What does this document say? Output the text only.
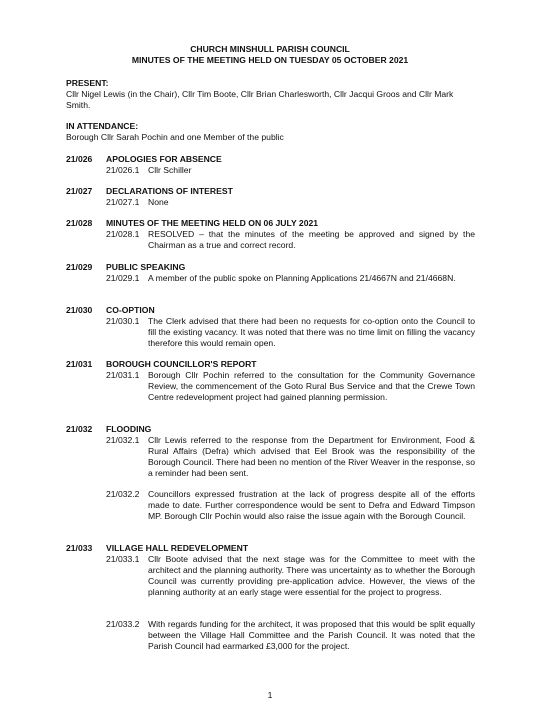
CHURCH MINSHULL PARISH COUNCIL
MINUTES OF THE MEETING HELD ON TUESDAY 05 OCTOBER 2021
PRESENT:
Cllr Nigel Lewis (in the Chair), Cllr Tim Boote, Cllr Brian Charlesworth, Cllr Jacqui Groos and Cllr Mark Smith.
IN ATTENDANCE:
Borough Cllr Sarah Pochin and one Member of the public
21/026 APOLOGIES FOR ABSENCE
21/026.1 Cllr Schiller
21/027 DECLARATIONS OF INTEREST
21/027.1 None
21/028 MINUTES OF THE MEETING HELD ON 06 JULY 2021
21/028.1 RESOLVED – that the minutes of the meeting be approved and signed by the Chairman as a true and correct record.
21/029 PUBLIC SPEAKING
21/029.1 A member of the public spoke on Planning Applications 21/4667N and 21/4668N.
21/030 CO-OPTION
21/030.1 The Clerk advised that there had been no requests for co-option onto the Council to fill the existing vacancy. It was noted that there was no time limit on filling the vacancy therefore this would remain open.
21/031 BOROUGH COUNCILLOR'S REPORT
21/031.1 Borough Cllr Pochin referred to the consultation for the Community Governance Review, the commencement of the Goto Rural Bus Service and that the Crewe Town Centre redevelopment project had gained planning permission.
21/032 FLOODING
21/032.1 Cllr Lewis referred to the response from the Department for Environment, Food & Rural Affairs (Defra) which advised that Eel Brook was the responsibility of the Borough Council. There had been no mention of the River Weaver in the response, so a reminder had been sent.
21/032.2 Councillors expressed frustration at the lack of progress despite all of the efforts made to date. Further correspondence would be sent to Defra and Edward Timpson MP. Borough Cllr Pochin would also raise the issue again with the Borough Council.
21/033 VILLAGE HALL REDEVELOPMENT
21/033.1 Cllr Boote advised that the next stage was for the Committee to meet with the architect and the planning authority. There was uncertainty as to whether the Borough Council was currently providing pre-application advice. However, the views of the planning authority at an early stage were essential for the project to progress.
21/033.2 With regards funding for the architect, it was proposed that this would be split equally between the Village Hall Committee and the Parish Council. It was noted that the Parish Council had earmarked £3,000 for the project.
1
